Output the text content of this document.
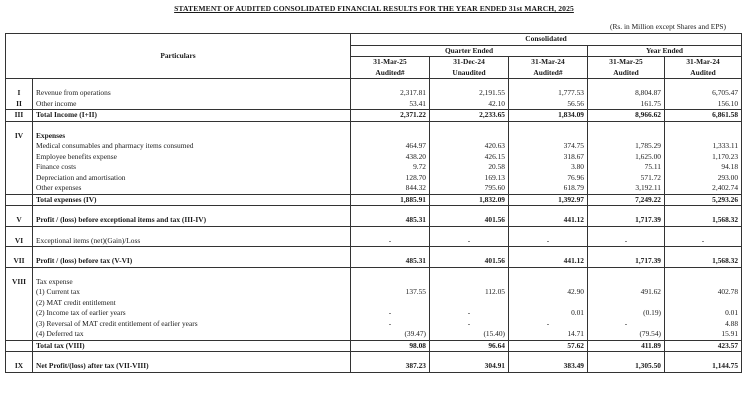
STATEMENT OF AUDITED CONSOLIDATED FINANCIAL RESULTS FOR THE YEAR ENDED 31st MARCH, 2025
(Rs. in Million except Shares and EPS)
Particulars		Consolidated				
		Quarter Ended			Year Ended	
		31-Mar-25	31-Dec-24	31-Mar-24	31-Mar-25	31-Mar-24
		Audited#	Unaudited	Audited#	Audited	Audited

I	Revenue from operations	2,317.81	2,191.55	1,777.53	8,804.87	6,705.47
II	Other income	53.41	42.10	56.56	161.75	156.10
III	Total Income (I+II)	2,371.22	2,233.65	1,834.09	8,966.62	6,861.58

IV	Expenses					
	Medical consumables and pharmacy items consumed	464.97	420.63	374.75	1,785.29	1,333.11
	Employee benefits expense	438.20	426.15	318.67	1,625.00	1,170.23
	Finance costs	9.72	20.58	3.80	75.11	94.18
	Depreciation and amortisation	128.70	169.13	76.96	571.72	293.00
	Other expenses	844.32	795.60	618.79	3,192.11	2,402.74
	Total expenses (IV)	1,885.91	1,832.09	1,392.97	7,249.22	5,293.26

V	Profit / (loss) before exceptional items and tax (III-IV)	485.31	401.56	441.12	1,717.39	1,568.32

VI	Exceptional items (net)(Gain)/Loss	-	-	-	-	-

VII	Profit / (loss) before tax (V-VI)	485.31	401.56	441.12	1,717.39	1,568.32

VIII	Tax expense					
	(1) Current tax	137.55	112.05	42.90	491.62	402.78
	(2) MAT credit entitlement					
	(2) Income tax of earlier years	-	-	0.01	(0.19)	0.01
	(3) Reversal of MAT credit entitlement of earlier years	-	-	-	-	4.88
	(4) Deferred tax	(39.47)	(15.40)	14.71	(79.54)	15.91
	Total tax (VIII)	98.08	96.64	57.62	411.89	423.57

IX	Net Profit/(loss) after tax (VII-VIII)	387.23	304.91	383.49	1,305.50	1,144.75
